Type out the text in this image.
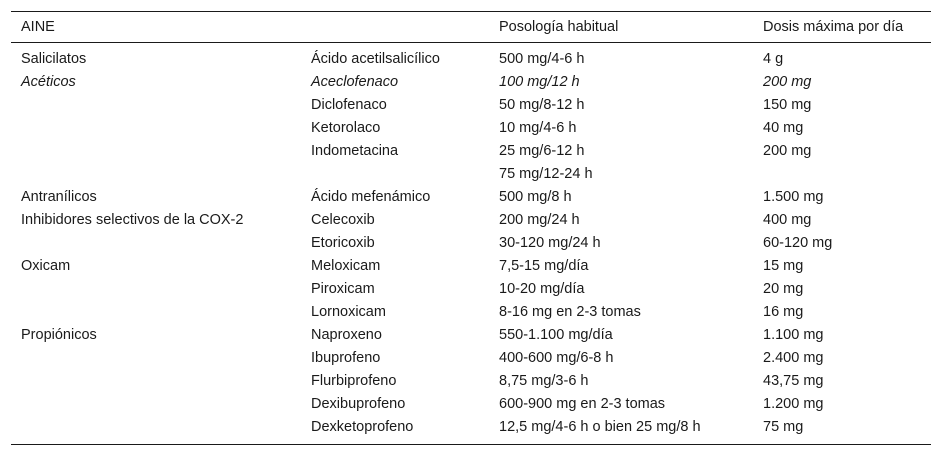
AINE		Posología habitual	Dosis máxima por día
Salicilatos	Ácido acetilsalicílico	500 mg/4-6 h	4 g
Acéticos	Aceclofenaco	100 mg/12 h	200 mg
	Diclofenaco	50 mg/8-12 h	150 mg
	Ketorolaco	10 mg/4-6 h	40 mg
	Indometacina	25 mg/6-12 h	200 mg
		75 mg/12-24 h	
Antranílicos	Ácido mefenámico	500 mg/8 h	1.500 mg
Inhibidores selectivos de la COX-2	Celecoxib	200 mg/24 h	400 mg
	Etoricoxib	30-120 mg/24 h	60-120 mg
Oxicam	Meloxicam	7,5-15 mg/día	15 mg
	Piroxicam	10-20 mg/día	20 mg
	Lornoxicam	8-16 mg en 2-3 tomas	16 mg
Propiónicos	Naproxeno	550-1.100 mg/día	1.100 mg
	Ibuprofeno	400-600 mg/6-8 h	2.400 mg
	Flurbiprofeno	8,75 mg/3-6 h	43,75 mg
	Dexibuprofeno	600-900 mg en 2-3 tomas	1.200 mg
	Dexketoprofeno	12,5 mg/4-6 h o bien 25 mg/8 h	75 mg
